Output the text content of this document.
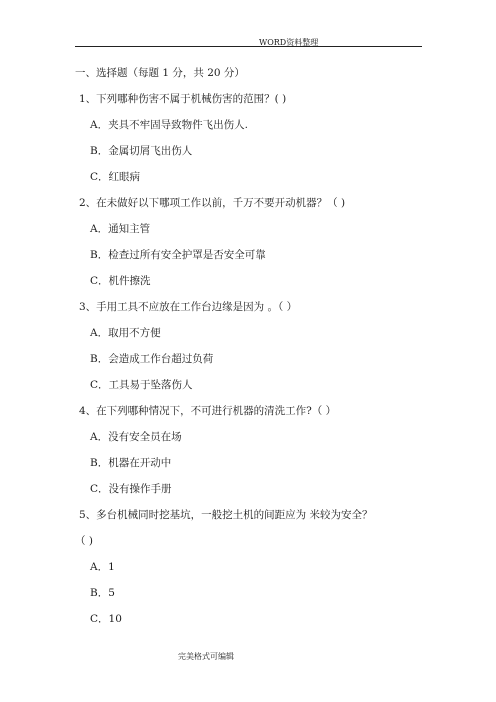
WORD资料整理
一、选择题（每题 1 分，共 20 分）
1、下列哪种伤害不属于机械伤害的范围？( )
A．夹具不牢固导致物件飞出伤人.
B．金属切屑飞出伤人
C．红眼病
2、在未做好以下哪项工作以前，千万不要开动机器？（ )
A．通知主管
B．检查过所有安全护罩是否安全可靠
C．机件擦洗
3、手用工具不应放在工作台边缘是因为 。（ ）
A．取用不方便
B．会造成工作台超过负荷
C．工具易于坠落伤人
4、在下列哪种情况下，不可进行机器的清洗工作?（ ）
A．没有安全员在场
B．机器在开动中
C．没有操作手册
5、多台机械同时挖基坑，一般挖土机的间距应为 米较为安全？
（ )
A．1
B．5
C．10
完美格式可编辑
